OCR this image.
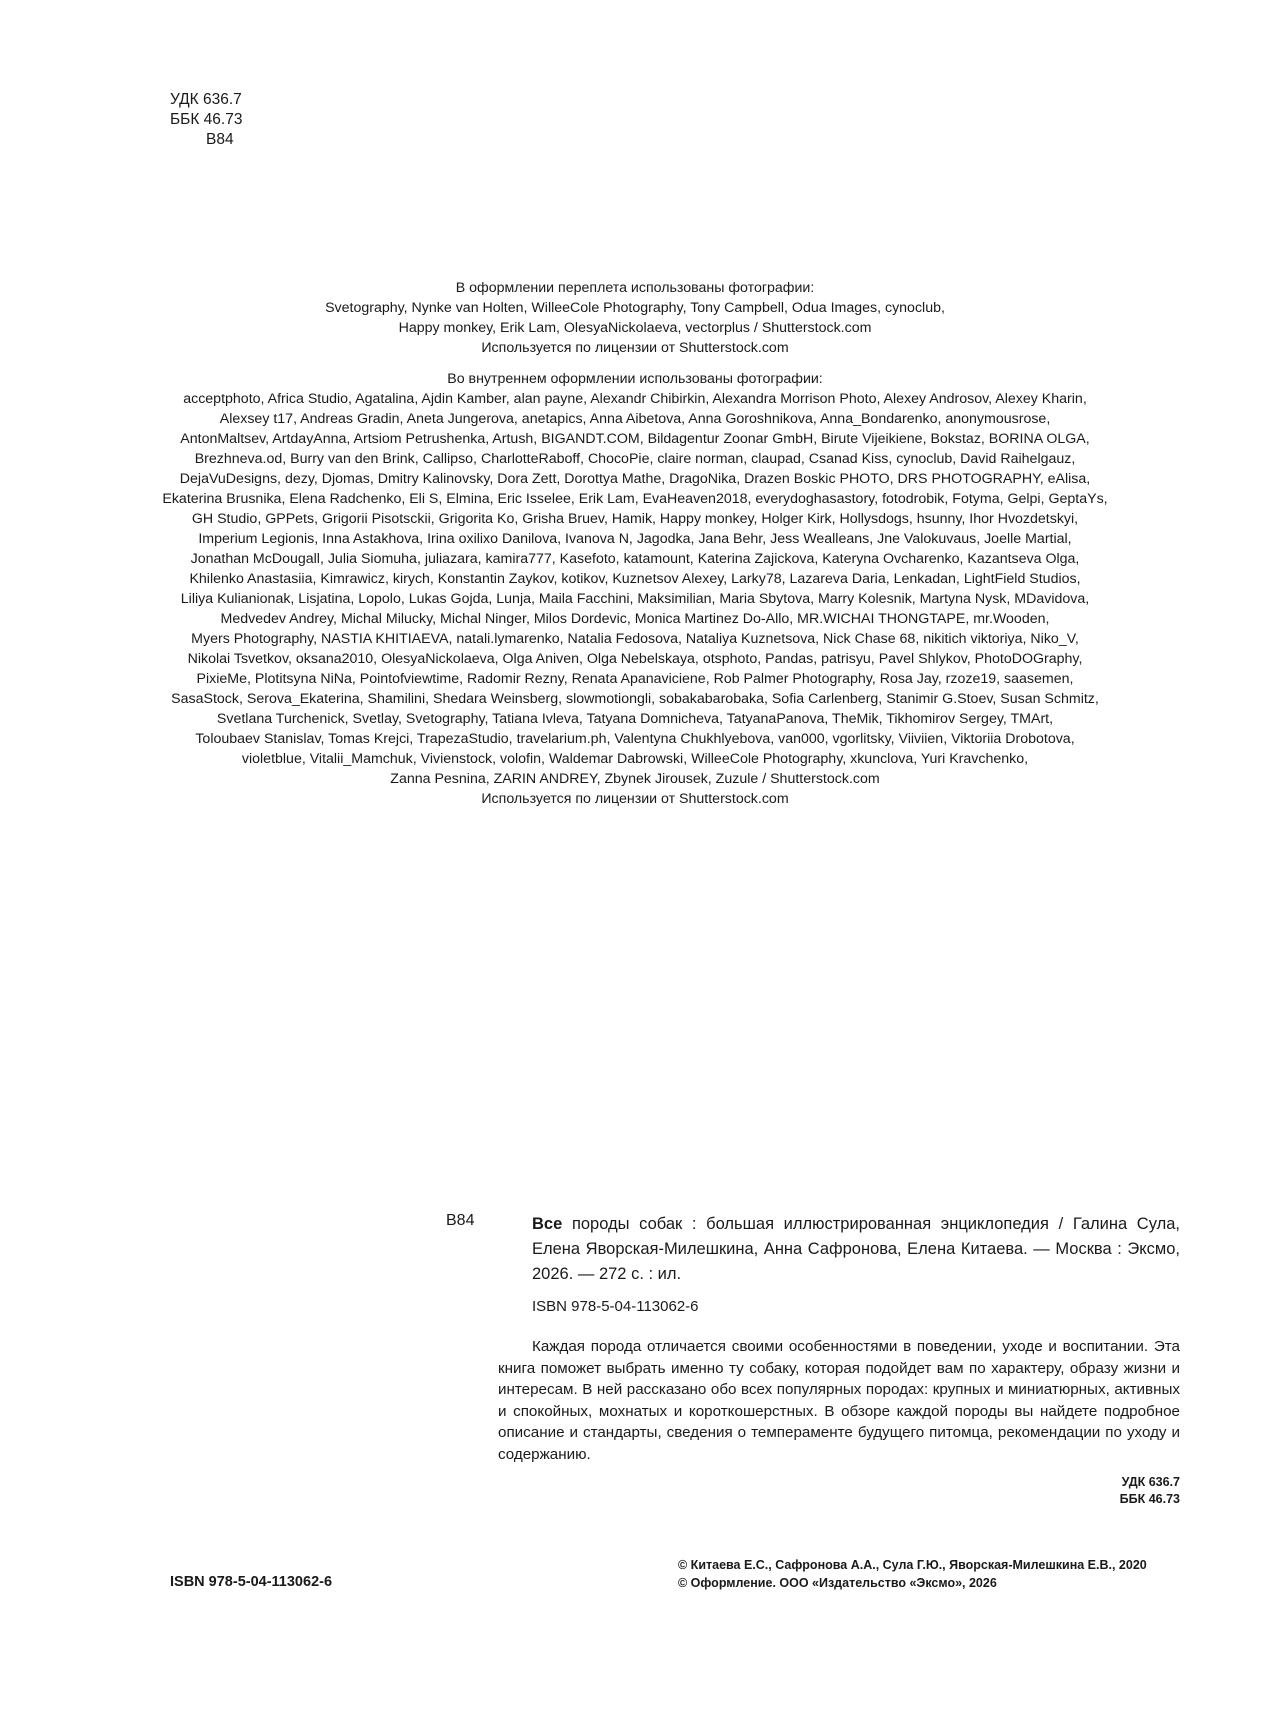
УДК 636.7
ББК 46.73
В84

В оформлении переплета использованы фотографии:

Svetography, Nynke van Holten, WilleeCole Photography, Tony Campbell, Odua Images, cynoclub,

Happy monkey, Erik Lam, OlesyaNickolaeva, vectorplus / Shutterstock.com

Используется по лицензии от Shutterstock.com

Во внутреннем оформлении использованы фотографии:

acceptphoto, Africa Studio, Agatalina, Ajdin Kamber, alan payne, Alexandr Chibirkin, Alexandra Morrison Photo, Alexey Androsov, Alexey Kharin,

Alexsey t17, Andreas Gradin, Aneta Jungerova, anetapics, Anna Aibetova, Anna Goroshnikova, Anna_Bondarenko, anonymousrose,

AntonMaltsev, ArtdayAnna, Artsiom Petrushenka, Artush, BIGANDT.COM, Bildagentur Zoonar GmbH, Birute Vijeikiene, Bokstaz, BORINA OLGA,

Brezhneva.od, Burry van den Brink, Callipso, CharlotteRaboff, ChocoPie, claire norman, claupad, Csanad Kiss, cynoclub, David Raihelgauz,

DejaVuDesigns, dezy, Djomas, Dmitry Kalinovsky, Dora Zett, Dorottya Mathe, DragoNika, Drazen Boskic PHOTO, DRS PHOTOGRAPHY, eAlisa,

Ekaterina Brusnika, Elena Radchenko, Eli S, Elmina, Eric Isselee, Erik Lam, EvaHeaven2018, everydoghasastory, fotodrobik, Fotyma, Gelpi, GeptaYs,

GH Studio, GPPets, Grigorii Pisotsckii, Grigorita Ko, Grisha Bruev, Hamik, Happy monkey, Holger Kirk, Hollysdogs, hsunny, Ihor Hvozdetskyi,

Imperium Legionis, Inna Astakhova, Irina oxilixo Danilova, Ivanova N, Jagodka, Jana Behr, Jess Wealleans, Jne Valokuvaus, Joelle Martial,

Jonathan McDougall, Julia Siomuha, juliazara, kamira777, Kasefoto, katamount, Katerina Zajickova, Kateryna Ovcharenko, Kazantseva Olga,

Khilenko Anastasiia, Kimrawicz, kirych, Konstantin Zaykov, kotikov, Kuznetsov Alexey, Larky78, Lazareva Daria, Lenkadan, LightField Studios,

Liliya Kulianionak, Lisjatina, Lopolo, Lukas Gojda, Lunja, Maila Facchini, Maksimilian, Maria Sbytova, Marry Kolesnik, Martyna Nysk, MDavidova,

Medvedev Andrey, Michal Milucky, Michal Ninger, Milos Dordevic, Monica Martinez Do-Allo, MR.WICHAI THONGTAPE, mr.Wooden,

Myers Photography, NASTIA KHITIAEVA, natali.lymarenko, Natalia Fedosova, Nataliya Kuznetsova, Nick Chase 68, nikitich viktoriya, Niko_V,

Nikolai Tsvetkov, oksana2010, OlesyaNickolaeva, Olga Aniven, Olga Nebelskaya, otsphoto, Pandas, patrisyu, Pavel Shlykov, PhotoDOGraphy,

PixieMe, Plotitsyna NiNa, Pointofviewtime, Radomir Rezny, Renata Apanaviciene, Rob Palmer Photography, Rosa Jay, rzoze19, saasemen,

SasaStock, Serova_Ekaterina, Shamilini, Shedara Weinsberg, slowmotiongli, sobakabarobaka, Sofia Carlenberg, Stanimir G.Stoev, Susan Schmitz,

Svetlana Turchenick, Svetlay, Svetography, Tatiana Ivleva, Tatyana Domnicheva, TatyanaPanova, TheMik, Tikhomirov Sergey, TMArt,

Toloubaev Stanislav, Tomas Krejci, TrapezaStudio, travelarium.ph, Valentyna Chukhlyebova, van000, vgorlitsky, Viiviien, Viktoriia Drobotova,

violetblue, Vitalii_Mamchuk, Vivienstock, volofin, Waldemar Dabrowski, WilleeCole Photography, xkunclova, Yuri Kravchenko,

Zanna Pesnina, ZARIN ANDREY, Zbynek Jirousek, Zuzule / Shutterstock.com

Используется по лицензии от Shutterstock.com

В84	Все породы собак : большая иллюстрированная энциклопедия / Галина Сула, Елена Яворская-Милешкина, Анна Сафронова, Елена Китаева. — Москва : Эксмо, 2026. — 272 с. : ил.
ISBN 978-5-04-113062-6

Каждая порода отличается своими особенностями в поведении, уходе и воспитании. Эта книга поможет выбрать именно ту собаку, которая подойдет вам по характеру, образу жизни и интересам. В ней рассказано обо всех популярных породах: крупных и миниатюрных, активных и спокойных, мохнатых и короткошерстных. В обзоре каждой породы вы найдете подробное описание и стандарты, сведения о темпераменте будущего питомца, рекомендации по уходу и содержанию.

УДК 636.7
ББК 46.73
ISBN 978-5-04-113062-6
© Китаева Е.С., Сафронова А.А., Сула Г.Ю., Яворская-Милешкина Е.В., 2020
© Оформление. ООО «Издательство «Эксмо», 2026
